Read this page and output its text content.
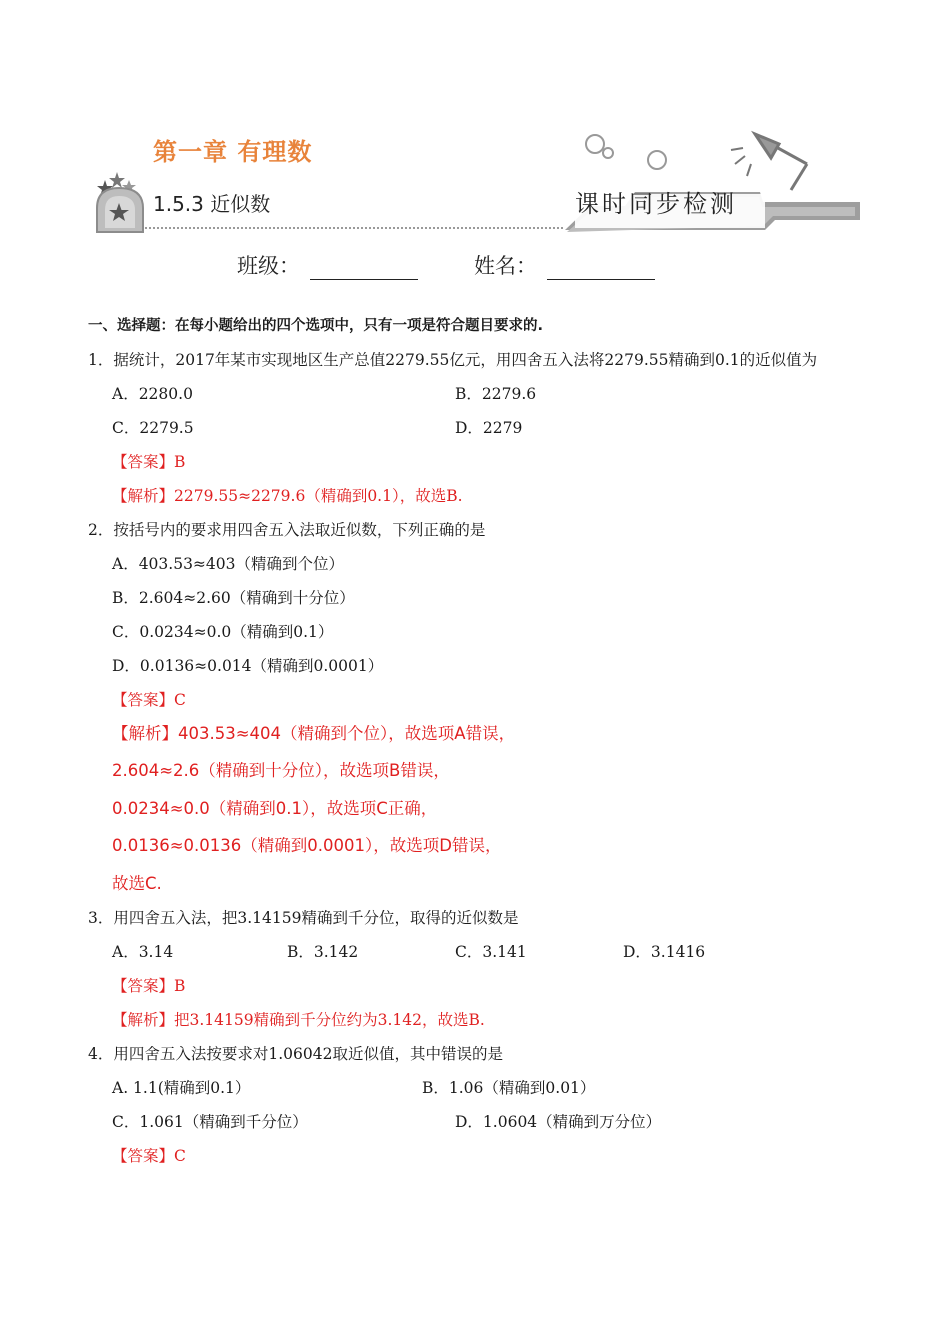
第一章 有理数
1.5.3 近似数	课时同步检测
班级：	姓名：
一、选择题：在每小题给出的四个选项中，只有一项是符合题目要求的.
1．据统计，2017年某市实现地区生产总值2279.55亿元，用四舍五入法将2279.55精确到0.1的近似值为
A．2280.0	B．2279.6
C．2279.5	D．2279
【答案】B
【解析】2279.55≈2279.6（精确到0.1），故选B.
2．按括号内的要求用四舍五入法取近似数，下列正确的是
A．403.53≈403（精确到个位）
B．2.604≈2.60（精确到十分位）
C．0.0234≈0.0（精确到0.1）
D．0.0136≈0.014（精确到0.0001）
【答案】C
【解析】403.53≈404（精确到个位），故选项A错误，
2.604≈2.6（精确到十分位），故选项B错误，
0.0234≈0.0（精确到0.1），故选项C正确，
0.0136≈0.0136（精确到0.0001），故选项D错误，
故选C.
3．用四舍五入法，把3.14159精确到千分位，取得的近似数是
A．3.14	B．3.142	C．3.141	D．3.1416
【答案】B
【解析】把3.14159精确到千分位约为3.142，故选B.
4．用四舍五入法按要求对1.06042取近似值，其中错误的是
A. 1.1(精确到0.1）	B．1.06（精确到0.01）
C．1.061（精确到千分位）	D．1.0604（精确到万分位）
【答案】C
